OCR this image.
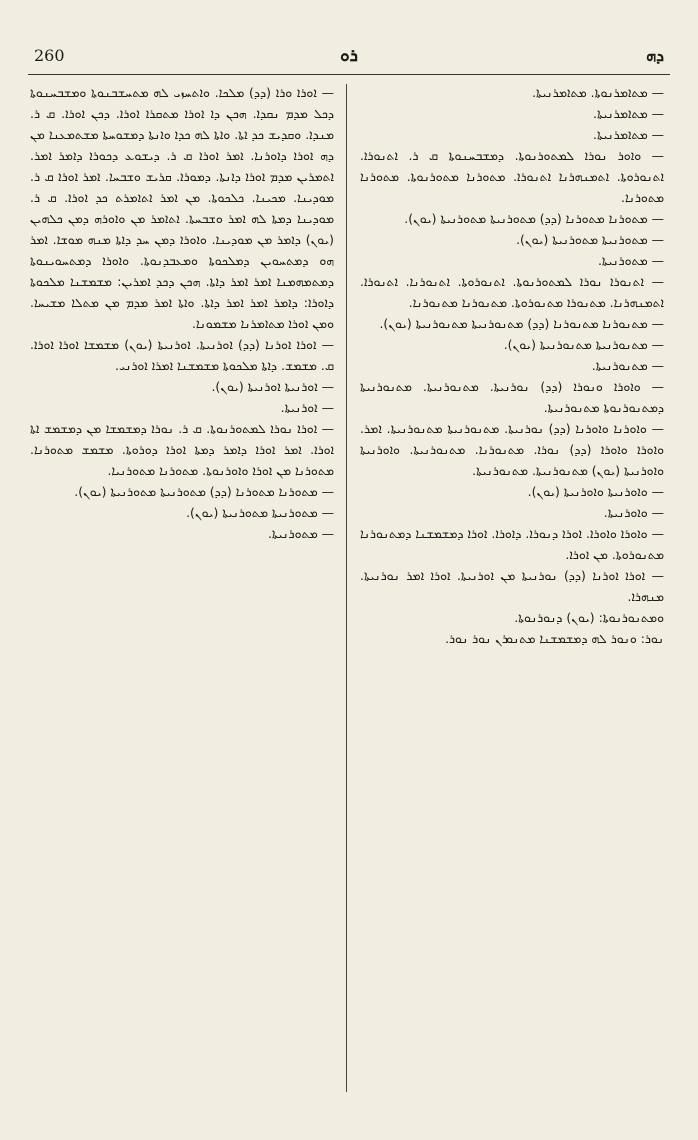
260	ܪܘ	ܕܗ

— ܐܘܪܐ ܘܪܐ (ܕܕ) ܡܠܟܐ. ܘܐܬܚܙܝ ܠܗ ܡܬܚܫܒܢܘܬܐ ܘܡܫܒܚܢܘܬܐ ܕܟܠ ܡܕܡ ܢܩܕܐ. ܗܟܢ ܕܐ ܐܘܪܐ ܡܬܩܪܐ ܐܘܪܐ. ܕܟܢ ܐܘܪܐ. ܩ ܪ. ܡܢܕܐ. ܘܩܕܝܫ ܟܕ ܐܬܐ. ܘܐܬܐ ܠܗ ܟܕܐ ܘܐܢܬܐ ܕܡܫܘܚܬܐ ܡܫܬܡܥܢܐ ܡܢ ܕܗ ܐܘܪܐ ܕܐܘܪܢܐ. ܐܡܪ ܐܘܪܐ ܩ ܪ. ܕܝܫܘܥ ܕܟܘܪܐ ܕܐܡܪ ܐܡܪ. ܐܬܡܪܝܢ ܡܕܡ ܐܘܪܐ ܕܐܢܬܐ. ܕܡܘܪܐ. ܩܪܝܫ ܘܫܒܚܐ. ܐܡܪ ܐܘܪܐ ܩ ܪ. ܡܘܕܝܢܐ. ܡܟܝܢܐ. ܟܠܟܘܬܐ. ܡܢ ܐܡܪ ܐܬܐܡܪܬ ܟܕ ܐܘܪܐ. ܩ ܪ. ܡܘܕܝܢܐ ܕܡܬܐ ܠܗ ܐܡܪ ܘܫܒܚܬܐ. ܐܬܐܡܪ ܡܢ ܘܐܘܪܗ ܕܡܢ ܟܠܗܝܢ (ܝܘܢ) ܕܐܡܪ ܡܢ ܡܘܕܝܢܐ. ܘܐܘܪܐ ܕܡܢ ܚܕ ܕܐܬܐ ܡܢܗ ܡܘܫܐ. ܐܡܪ ܗܘ ܕܡܬܚܘܝܢ ܕܡܠܟܘܬܐ ܘܡܥܒܕܢܘܬܐ. ܘܐܘܪܐ ܕܡܬܚܘܝܢܘܬܐ ܕܡܬܡܗܡܢܐ ܐܡܪ ܐܡܪ ܕܐܬܐ. ܗܟܢ ܕܟܕ ܐܡܪܝܢ: ܡܫܡܫܢܐ ܡܠܟܘܬܐ ܕܐܘܪܐ: ܕܐܡܪ ܐܡܪ ܐܡܪ ܕܐܬܐ. ܘܐܬܐ ܐܡܪ ܡܕܡ ܡܢ ܡܬܠܐ ܡܫܝܚܐ. ܘܡܢ ܐܘܪܐ ܡܬܐܡܪܢܐ ܡܫܡܘܢܐ.

— ܐܘܪܐ ܐܘܪܢܐ (ܕܕ) ܐܘܪܢܝܬܐ. ܐܘܪܢܝܬܐ (ܝܘܢ) ܡܫܡܫܐ ܐܘܪܐ ܐܘܪܐ. ܩ. ܡܫܡܫ. ܕܐܬܐ ܡܠܟܘܬܐ ܡܫܡܫܢܐ ܐܡܪܐ ܐܘܪܢܝ.

— ܐܘܪܢܝܬܐ ܐܘܪܢܝܬܐ (ܝܘܢ).

— ܐܘܪܢܝܬܐ.

— ܐܘܪܐ ܢܘܪܐ ܠܡܬܘܪܢܘܬܐ. ܩ ܪ. ܢܘܪܐ ܕܡܫܡܫܐ ܡܢ ܕܡܫܡܫ ܐܬܐ ܐܘܪܐ. ܐܡܪ ܐܘܪܐ ܕܐܡܪ ܕܡܬܐ ܐܘܪܐ ܕܘܪܘܬܐ. ܡܫܡܫ ܡܬܘܪܢܐ. ܡܬܘܪܢܐ ܡܢ ܐܘܪܐ ܘܐܘܪܢܘܬܐ. ܡܬܘܪܢܐ ܡܬܘܪܢܝܐ.

— ܡܬܘܪܢܐ ܡܬܘܪܢܐ (ܕܕ) ܡܬܘܪܢܝܬܐ ܡܬܘܪܢܝܬܐ (ܝܘܢ).

— ܡܬܘܪܢܝܬܐ ܡܬܘܪܢܝܬܐ (ܝܘܢ).

— ܡܬܘܪܢܝܬܐ.

— ܡܬܐܡܪܢܘܬܐ. ܡܬܐܡܪܢܝܬܐ.

— ܡܬܐܡܪܢܝܬܐ.

— ܡܬܐܡܪܢܝܬܐ.

— ܘܐܘܪ ܢܘܪܐ ܠܡܬܘܪܢܘܬܐ. ܕܡܫܒܚܢܘܬܐ ܩ ܪ. ܐܬܢܘܪܐ. ܐܬܢܘܪܘܬܐ. ܐܬܡܢܗܪܢܐ ܐܬܢܘܪܐ. ܡܬܘܪܢܐ ܡܬܘܪܢܘܬܐ. ܡܬܘܪܢܐ ܡܬܘܪܢܐ.

— ܡܬܘܪܢܐ ܡܬܘܪܢܐ (ܕܕ) ܡܬܘܪܢܝܬܐ ܡܬܘܪܢܝܬܐ (ܝܘܢ).

— ܡܬܘܪܢܝܬܐ ܡܬܘܪܢܝܬܐ (ܝܘܢ).

— ܡܬܘܪܢܝܬܐ.

— ܐܬܢܘܪܐ ܢܘܪܐ ܠܡܬܘܪܢܘܬܐ. ܐܬܢܘܪܘܬܐ. ܐܬܢܘܪܢܐ. ܐܬܢܘܪܐ. ܐܬܡܢܗܪܢܐ. ܡܬܢܘܪܐ ܡܬܢܘܪܘܬܐ. ܡܬܢܘܪܢܐ ܡܬܢܘܪܢܐ.

— ܡܬܢܘܪܢܐ ܡܬܢܘܪܢܐ (ܕܕ) ܡܬܢܘܪܢܝܬܐ ܡܬܢܘܪܢܝܬܐ (ܝܘܢ).

— ܡܬܢܘܪܢܝܬܐ ܡܬܢܘܪܢܝܬܐ (ܝܘܢ).

— ܡܬܢܘܪܢܝܬܐ.

— ܘܐܘܪܐ ܘܢܘܪܐ (ܕܕ) ܢܘܪܢܝܬܐ. ܡܬܢܘܪܢܝܬܐ. ܡܬܢܘܪܢܝܬܐ ܕܡܬܢܘܪܢܘܬܐ ܡܬܢܘܪܢܝܬܐ.

— ܘܐܘܪܢܐ ܘܐܘܪܢܐ (ܕܕ) ܢܘܪܢܝܬܐ. ܡܬܢܘܪܢܝܬܐ ܡܬܢܘܪܢܝܬܐ. ܐܡܪ. ܘܐܘܪܐ ܘܐܘܪܐ (ܕܕ) ܢܘܪܐ. ܡܬܢܘܪܢܐ. ܡܬܢܘܪܢܝܬܐ. ܘܐܘܪܢܝܬܐ ܘܐܘܪܢܝܬܐ (ܝܘܢ) ܡܬܢܘܪܢܝܬܐ. ܡܬܢܘܪܢܝܬܐ.

— ܘܐܘܪܢܝܬܐ ܘܐܘܪܢܝܬܐ (ܝܘܢ).

— ܘܐܘܪܢܝܬܐ.

— ܘܐܘܪܐ ܘܐܘܪܐ. ܐܘܪܐ ܕܢܘܪܐ. ܕܐܘܪܐ. ܐܘܪܐ ܕܡܫܡܫܢܐ ܕܡܬܢܘܪܢܐ ܡܬܢܘܪܘܬܐ. ܡܢ ܐܘܪܐ.

— ܐܘܪܐ ܐܘܪܢܐ (ܕܕ) ܢܘܪܢܝܬܐ ܡܢ ܐܘܪܢܝܬܐ. ܐܘܪܐ ܐܡܪ ܢܘܪܢܝܬܐ. ܡܢܗܪܐ.

ܘܡܬܢܘܪܢܘܬܐ: (ܝܘܢ) ܕܢܘܪܢܘܬܐ.

ܢܘܪ: ܘܢܘܪ ܠܗ ܕܡܫܡܫܢܐ ܡܬܢܘܪܢ ܢܘܪ ܢܘܪ.
